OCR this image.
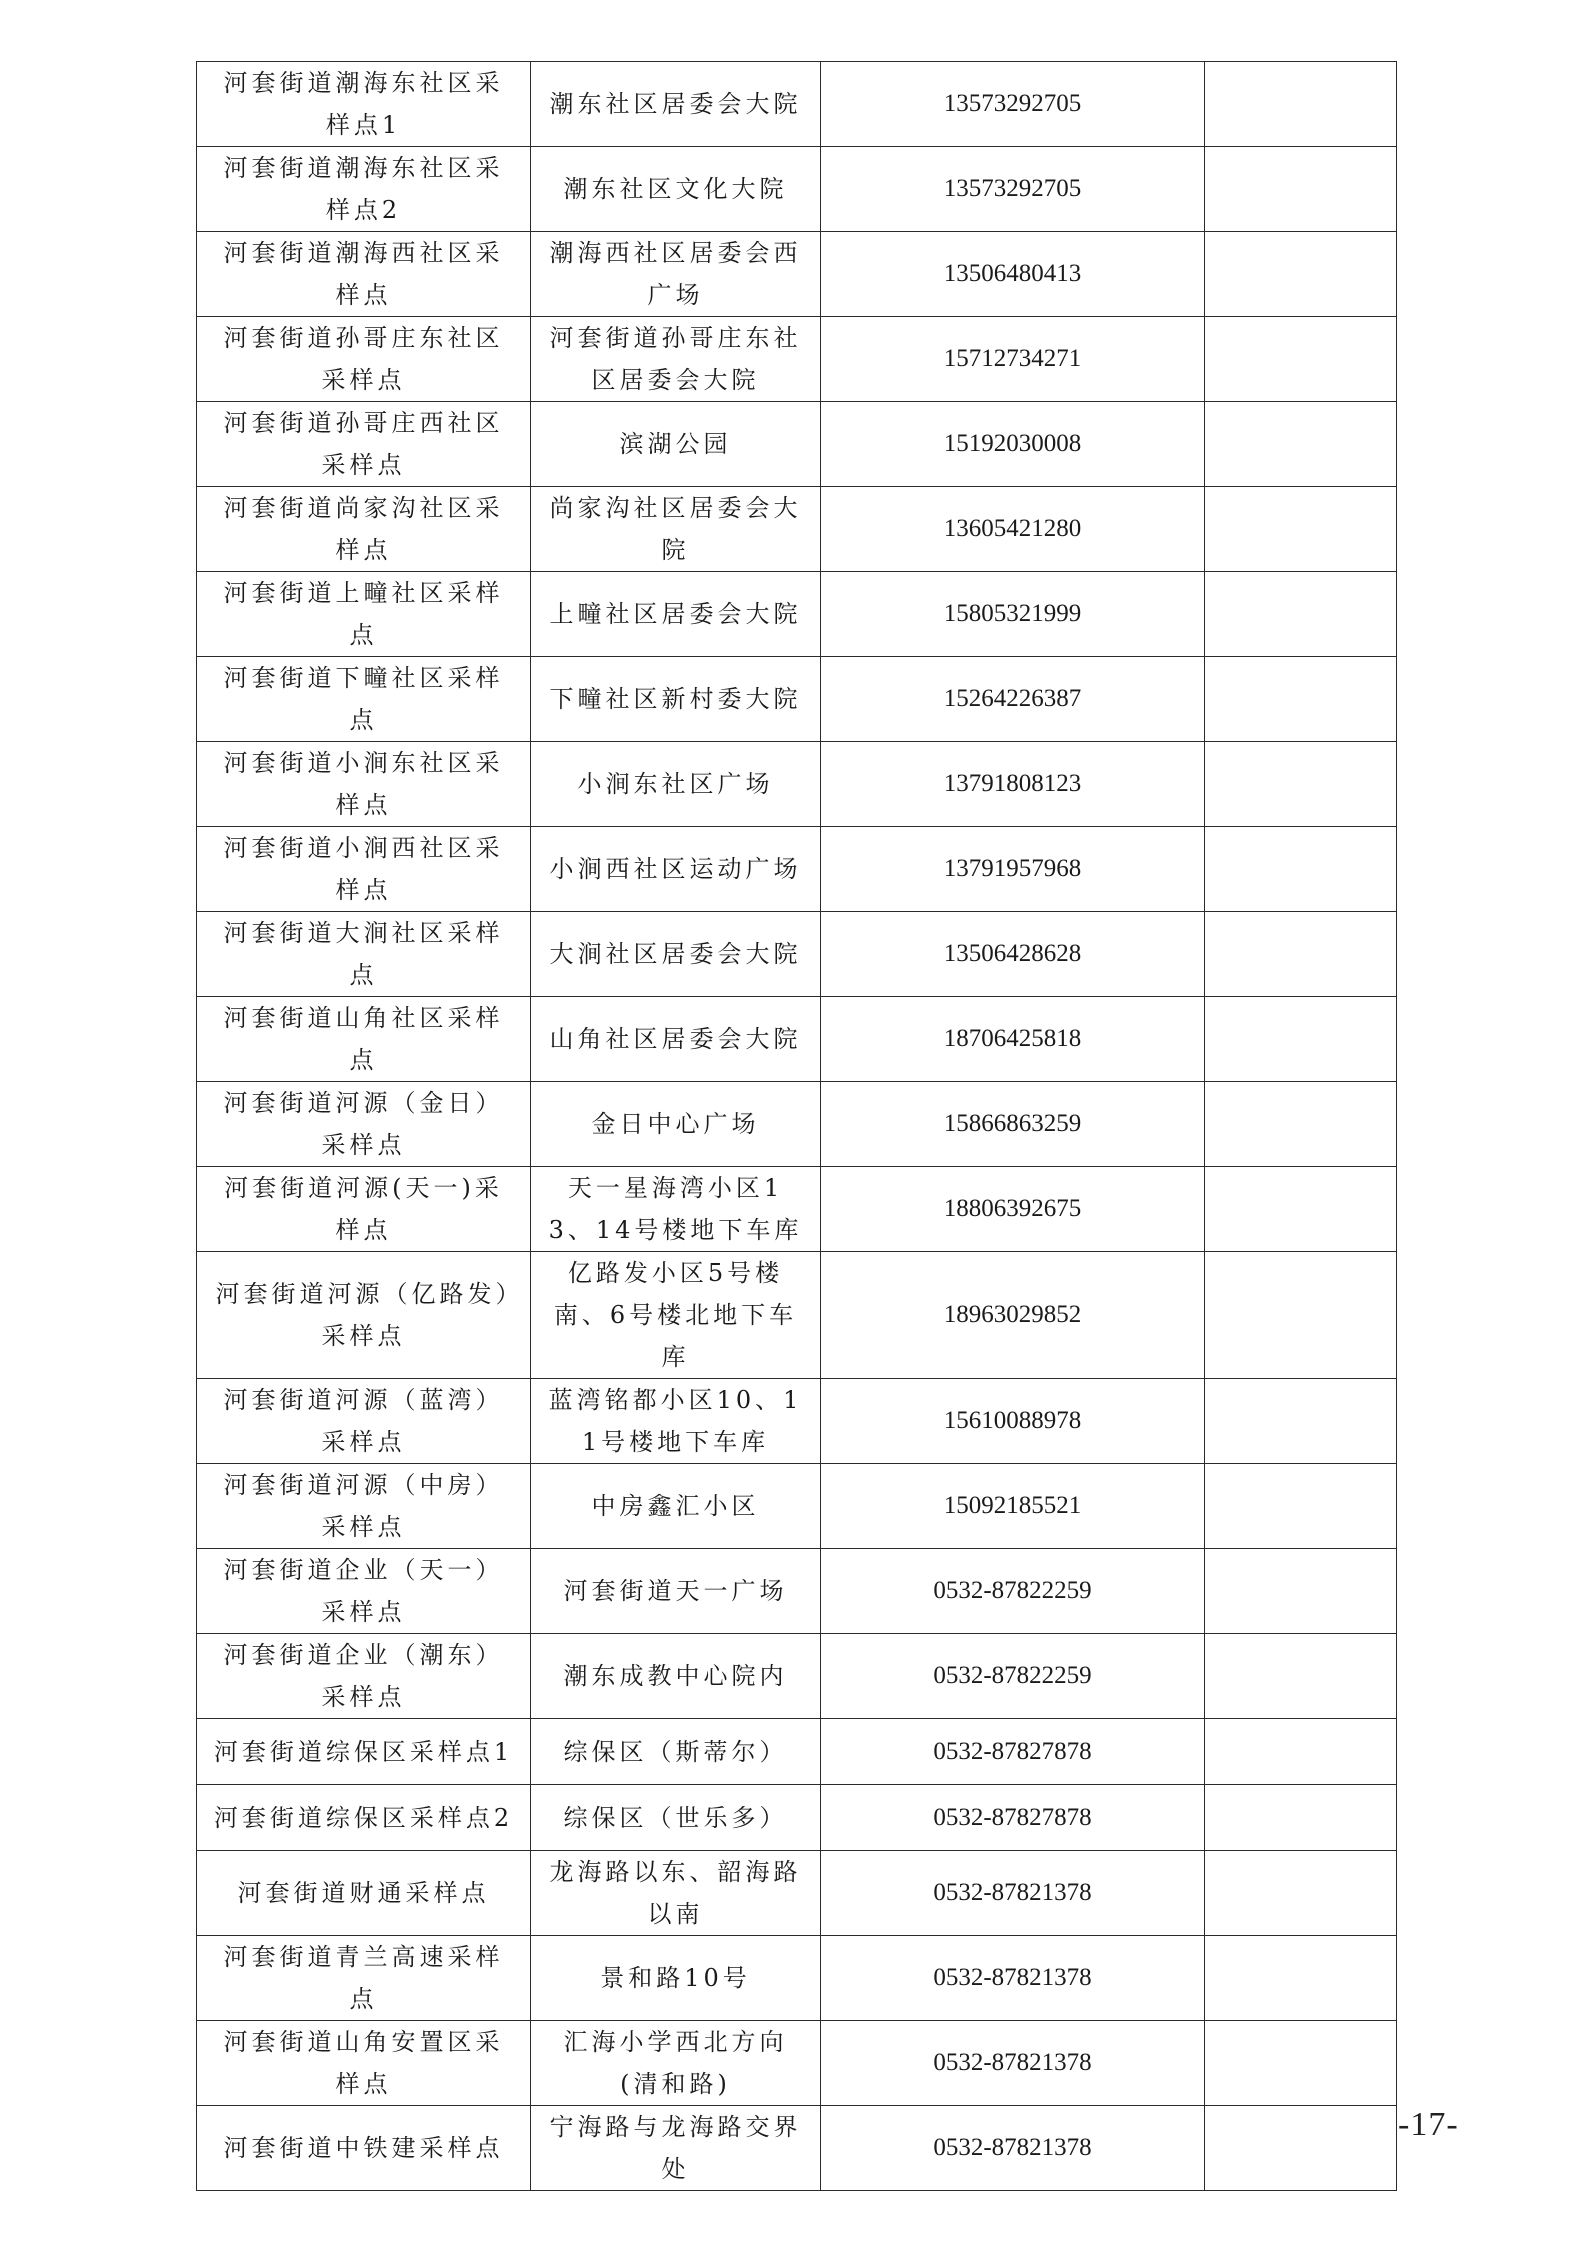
河套街道潮海东社区采样点1	潮东社区居委会大院	13573292705	
河套街道潮海东社区采样点2	潮东社区文化大院	13573292705	
河套街道潮海西社区采样点	潮海西社区居委会西广场	13506480413	
河套街道孙哥庄东社区采样点	河套街道孙哥庄东社区居委会大院	15712734271	
河套街道孙哥庄西社区采样点	滨湖公园	15192030008	
河套街道尚家沟社区采样点	尚家沟社区居委会大院	13605421280	
河套街道上疃社区采样点	上疃社区居委会大院	15805321999	
河套街道下疃社区采样点	下疃社区新村委大院	15264226387	
河套街道小涧东社区采样点	小涧东社区广场	13791808123	
河套街道小涧西社区采样点	小涧西社区运动广场	13791957968	
河套街道大涧社区采样点	大涧社区居委会大院	13506428628	
河套街道山角社区采样点	山角社区居委会大院	18706425818	
河套街道河源（金日）采样点	金日中心广场	15866863259	
河套街道河源(天一)采样点	天一星海湾小区13、14号楼地下车库	18806392675	
河套街道河源（亿路发）采样点	亿路发小区5号楼南、6号楼北地下车库	18963029852	
河套街道河源（蓝湾）采样点	蓝湾铭都小区10、11号楼地下车库	15610088978	
河套街道河源（中房）采样点	中房鑫汇小区	15092185521	
河套街道企业（天一）采样点	河套街道天一广场	0532-87822259	
河套街道企业（潮东）采样点	潮东成教中心院内	0532-87822259	
河套街道综保区采样点1	综保区（斯蒂尔）	0532-87827878	
河套街道综保区采样点2	综保区（世乐多）	0532-87827878	
河套街道财通采样点	龙海路以东、韶海路以南	0532-87821378	
河套街道青兰高速采样点	景和路10号	0532-87821378	
河套街道山角安置区采样点	汇海小学西北方向(清和路)	0532-87821378	
河套街道中铁建采样点	宁海路与龙海路交界处	0532-87821378	
-17-
